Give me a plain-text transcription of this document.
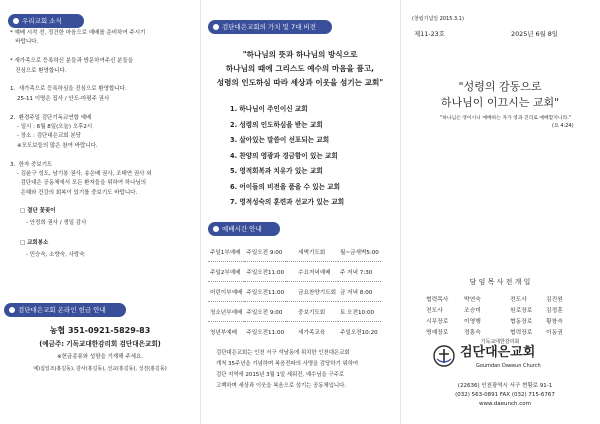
우리교회 소식
* 예배 시작 전, 정건한 마음으로 예배를 준비하여 주시기
바랍니다.
* 새가족으로 등록하신 분들과 방문하여주신 분들을
진심으로 환영합니다.
1.  새가족으로 등록하심을 진심으로 환영합니다.
25-11 이명은 집사 / 안도-마평주 권사
2.  환경주일 검단기독교연합 예배
- 일시 : 6월 8일(오늘) 오후2시
- 장소 : 검단대은교회 본당
※모도보들의 많은 참여 바랍니다.
3.  한자 중보기도
- 김윤구 성도, 남기봉 권사, 송은배 권사, 조태연 권사 외
검단대은 공동체에서 모든 환자들을 위하여 하나님의
은혜와 건강의 회복이 있기를 중보기도 바랍니다.
□ 결단 꽃꽂이
- 안정희 권사 / 생일 감사
□ 교회봉소
- 민승숙, 소향숙, 사랑숙
검단대은교회 온라인 헌금 안내
농협 351-0921-5829-83
(예금주: 기독교대한감리회 검단대은교회)
※헌금종류와 성함을 기재해 주세요.
예)십일조(홍길동), 감사(홍길동), 선교(홍길동), 성전(홍길동)
검단대은교회의 가치 및 7대 비전
"하나님의 뜻과 하나님의 방식으로
하나님의 때에 그리스도 예수의 마음을 품고,
성령의 인도하심 따라 세상과 이웃을 섬기는 교회"
1. 하나님이 주인이신 교회
2. 성령의 인도하심을 받는 교회
3. 살아있는 말씀이 선포되는 교회
4. 찬양의 영광과 경금함이 있는 교회
5. 영적회복과 치유가 있는 교회
6. 어이들의 비전을 품을 수 있는 교회
7. 영적성숙의 훈련과 선교가 있는 교회
예배시간 안내
주일1부예배	주일오전 9:00	새벽기도회	월~금새벽5:00
주일2부예배	주일오전11:00	수요저녁예배	주 저녁 7:30
어린이부예배	주일오전11:00	금요찬양기도회	금 저녁 8:00
청소년부예배	주일오전 9:00	중보기도회	토 오전10:00
청년부예배	주일오전11:00	새가족교육	주일오전10:20
(창립기념일 2015.3.1)
제11-23호	2025년 6월 8일
"성령의 감동으로
하나님이 이끄시는 교회"
"하나님은 영이시니 예배하는 자가 영과 진리로 예배할지니라."
(요 4:24)
담 임 목 사 전 개 일
협력목사	박연숙	전도사	김진원
전도사	조승미	원로장로 김정훈
시무장로	이영행	협동장로 황창숙
명예장로	정흥숙	협력장로 이동권
기독교대한감리회
검단대은교회
Goumdan Daeeun Church
검단대은교회는 인천 서구 석남동에 위치한 인천대은교회
개척 35주년을 기념하며 복음전파의 사명을 감당하기 위하여
검단 지역에 2015년 3월 1일 세워진, 예수님을 구주로
고백하며 세상과 이웃을 복음으로 섬기는 공동체입니다.	(22636) 인천광역시 서구 현황로 91-1
(032) 563-0891 FAX (032) 715-6767
www.daeunch.com
